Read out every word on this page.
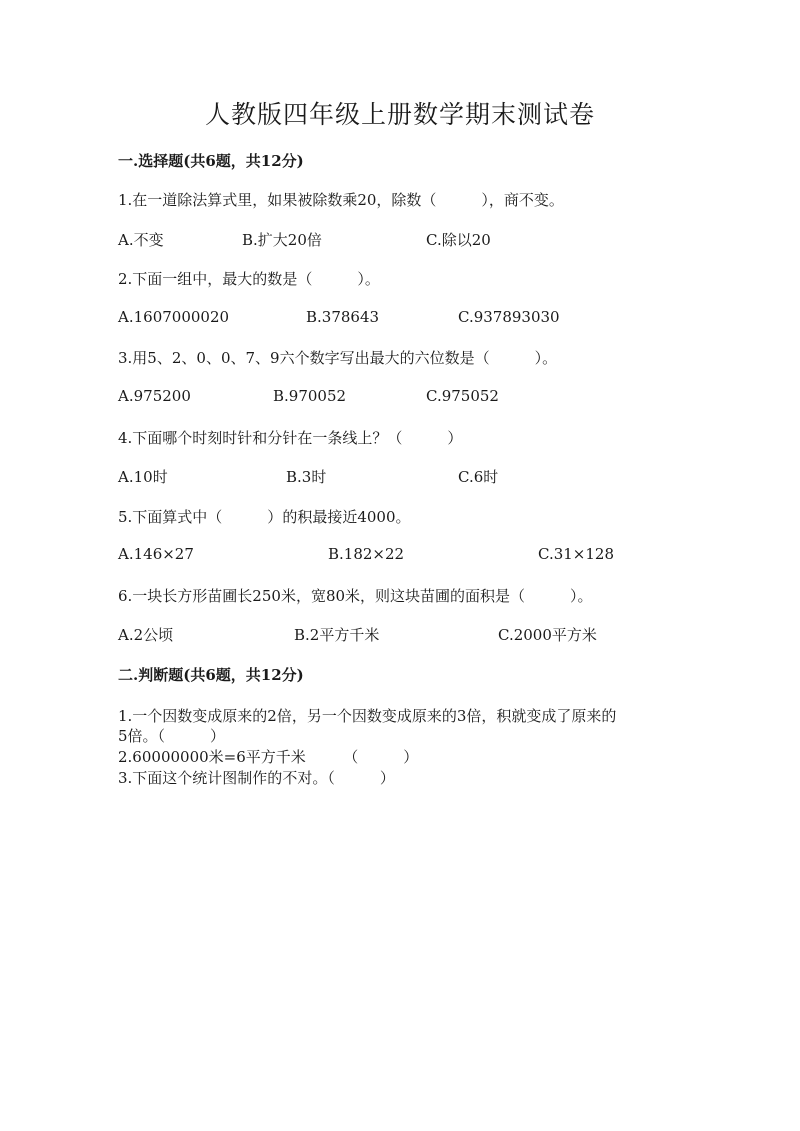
人教版四年级上册数学期末测试卷
一.选择题(共6题，共12分)
1.在一道除法算式里，如果被除数乘20，除数（　　　），商不变。
A.不变	B.扩大20倍	C.除以20
2.下面一组中，最大的数是（　　　）。
A.1607000020	B.378643	C.937893030
3.用5、2、0、0、7、9六个数字写出最大的六位数是（　　　）。
A.975200	B.970052	C.975052
4.下面哪个时刻时针和分针在一条线上？（　　　）
A.10时	B.3时	C.6时
5.下面算式中（　　　）的积最接近4000。
A.146×27	B.182×22	C.31×128
6.一块长方形苗圃长250米，宽80米，则这块苗圃的面积是（　　　）。
A.2公顷	B.2平方千米	C.2000平方米
二.判断题(共6题，共12分)
1.一个因数变成原来的2倍，另一个因数变成原来的3倍，积就变成了原来的
5倍。（　　　）
2.60000000米=6平方千米　　　（　　　）
3.下面这个统计图制作的不对。（　　　）
